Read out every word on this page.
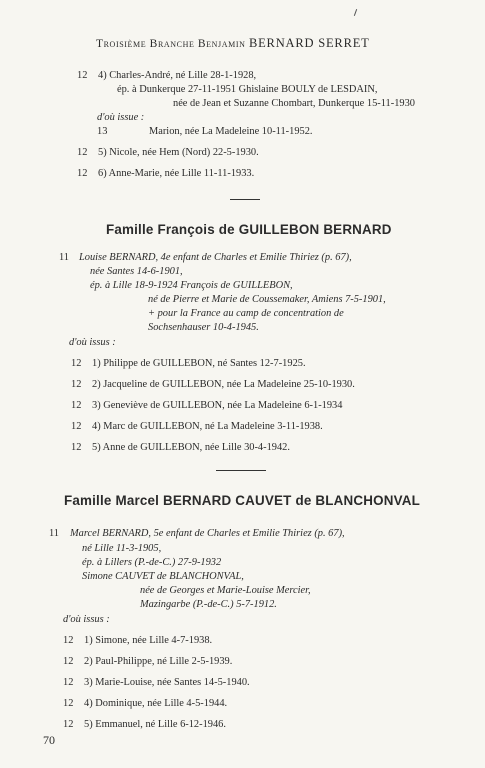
Troisième Branche Benjamin BERNARD SERRET
12 4) Charles-André, né Lille 28-1-1928,
ép. à Dunkerque 27-11-1951 Ghislaine BOULY de LESDAIN,
née de Jean et Suzanne Chombart, Dunkerque 15-11-1930
d'où issue :
13	Marion, née La Madeleine 10-11-1952.
12 5) Nicole, née Hem (Nord) 22-5-1930.
12 6) Anne-Marie, née Lille 11-11-1933.
Famille François de GUILLEBON BERNARD
11 Louise BERNARD, 4e enfant de Charles et Emilie Thiriez (p. 67),
née Santes 14-6-1901,
ép. à Lille 18-9-1924 François de GUILLEBON,
né de Pierre et Marie de Coussemaker, Amiens 7-5-1901,
+ pour la France au camp de concentration de
Sochsenhauser 10-4-1945.
d'où issus :
12 1) Philippe de GUILLEBON, né Santes 12-7-1925.
12 2) Jacqueline de GUILLEBON, née La Madeleine 25-10-1930.
12 3) Geneviève de GUILLEBON, née La Madeleine 6-1-1934
12 4) Marc de GUILLEBON, né La Madeleine 3-11-1938.
12 5) Anne de GUILLEBON, née Lille 30-4-1942.
Famille Marcel BERNARD CAUVET de BLANCHONVAL
11 Marcel BERNARD, 5e enfant de Charles et Emilie Thiriez (p. 67),
né Lille 11-3-1905,
ép. à Lillers (P.-de-C.) 27-9-1932
Simone CAUVET de BLANCHONVAL,
née de Georges et Marie-Louise Mercier,
Mazingarbe (P.-de-C.) 5-7-1912.
d'où issus :
12 1) Simone, née Lille 4-7-1938.
12 2) Paul-Philippe, né Lille 2-5-1939.
12 3) Marie-Louise, née Santes 14-5-1940.
12 4) Dominique, née Lille 4-5-1944.
12 5) Emmanuel, né Lille 6-12-1946.
70
